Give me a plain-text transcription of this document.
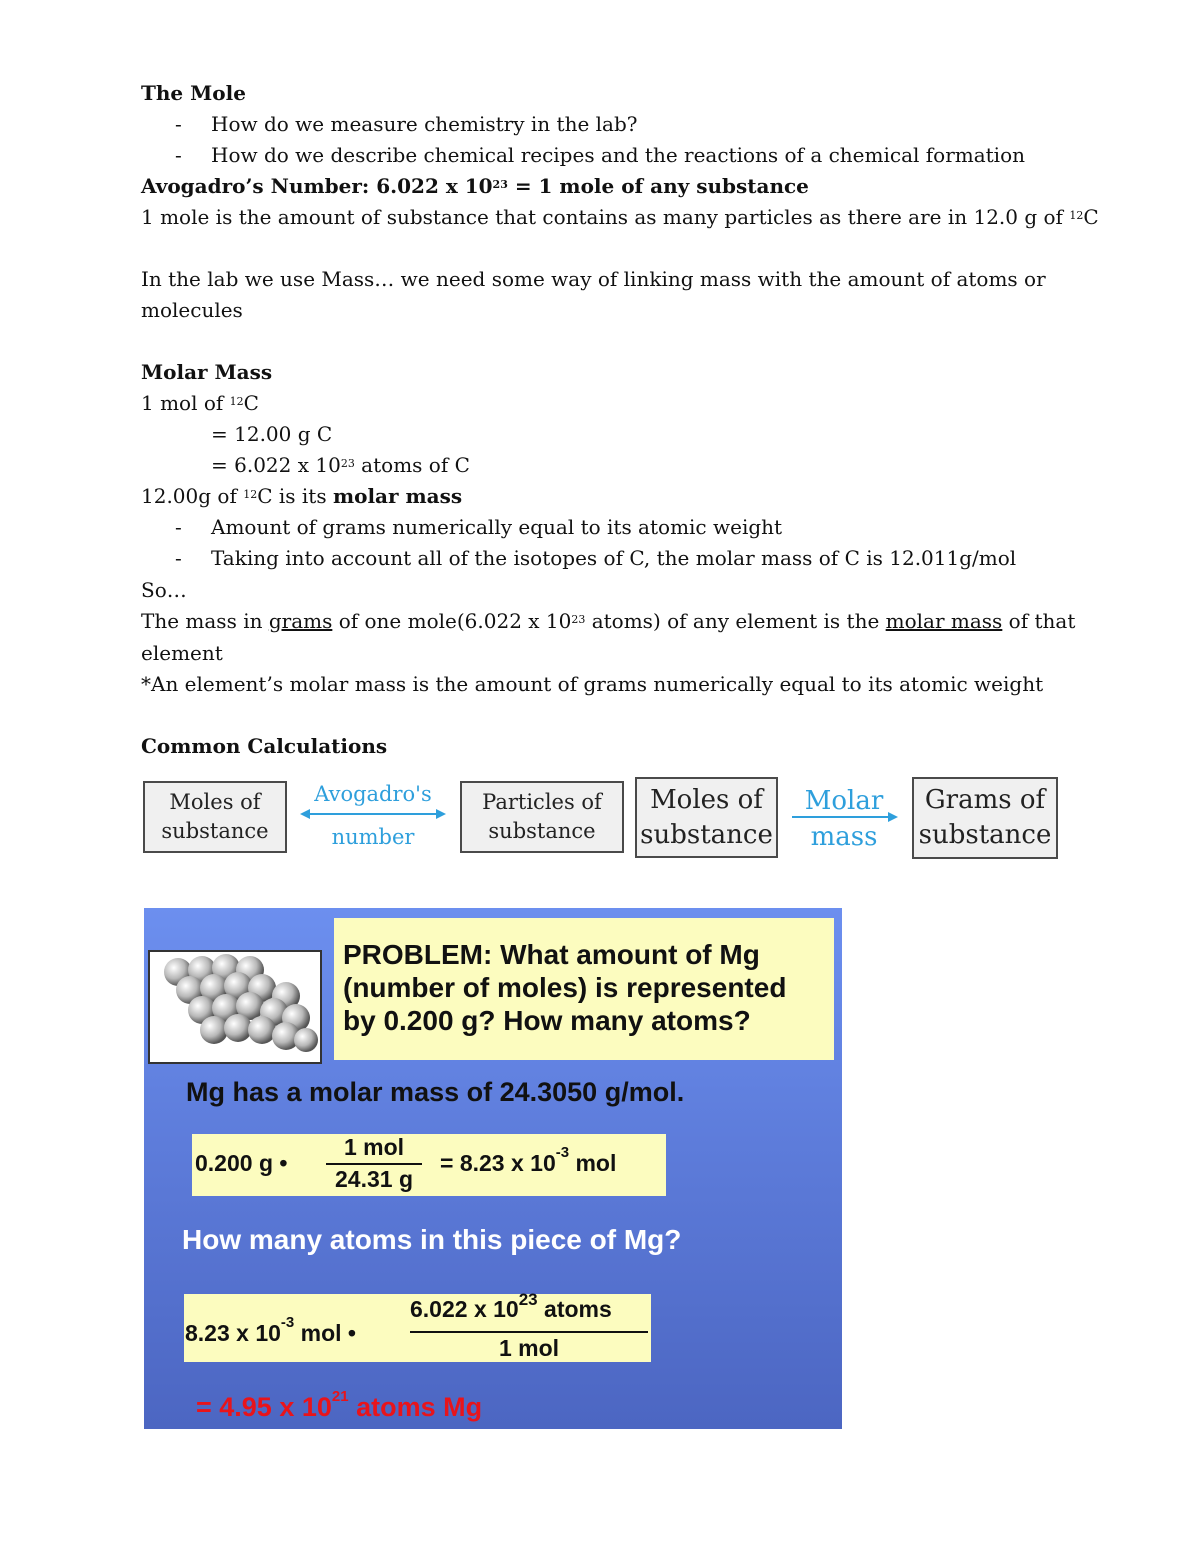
The Mole
- How do we measure chemistry in the lab?
- How do we describe chemical recipes and the reactions of a chemical formation
Avogadro’s Number: 6.022 x $10^{23} = 1$ mole of any substance
1 mole is the amount of substance that contains as many particles as there are in 12.0 g of $^{12}$C
In the lab we use Mass… we need some way of linking mass with the amount of atoms or
molecules
Molar Mass
1 mol of $^{12}$C
= 12.00 g C
= 6.022 x $10^{23}$ atoms of C
12.00g of $^{12}$C is its molar mass
- Amount of grams numerically equal to its atomic weight
- Taking into account all of the isotopes of C, the molar mass of C is 12.011g/mol
So…
The mass in grams of one mole(6.022 x $10^{23}$ atoms) of any element is the molar mass of that
element
*An element’s molar mass is the amount of grams numerically equal to its atomic weight
Common Calculations
Moles of
substance
Avogadro's
number
Particles of
substance
Moles of
substance
Molar
mass
Grams of
substance
PROBLEM: What amount of Mg
(number of moles) is represented
by 0.200 g? How many atoms?
Mg has a molar mass of 24.3050 g/mol.
0.200 g •
1 mol
24.31 g
= 8.23 x $10^{-3}$ mol
How many atoms in this piece of Mg?
8.23 x $10^{-3}$ mol •
6.022 x $10^{23}$ atoms
1 mol
= 4.95 x $10^{21}$ atoms Mg
